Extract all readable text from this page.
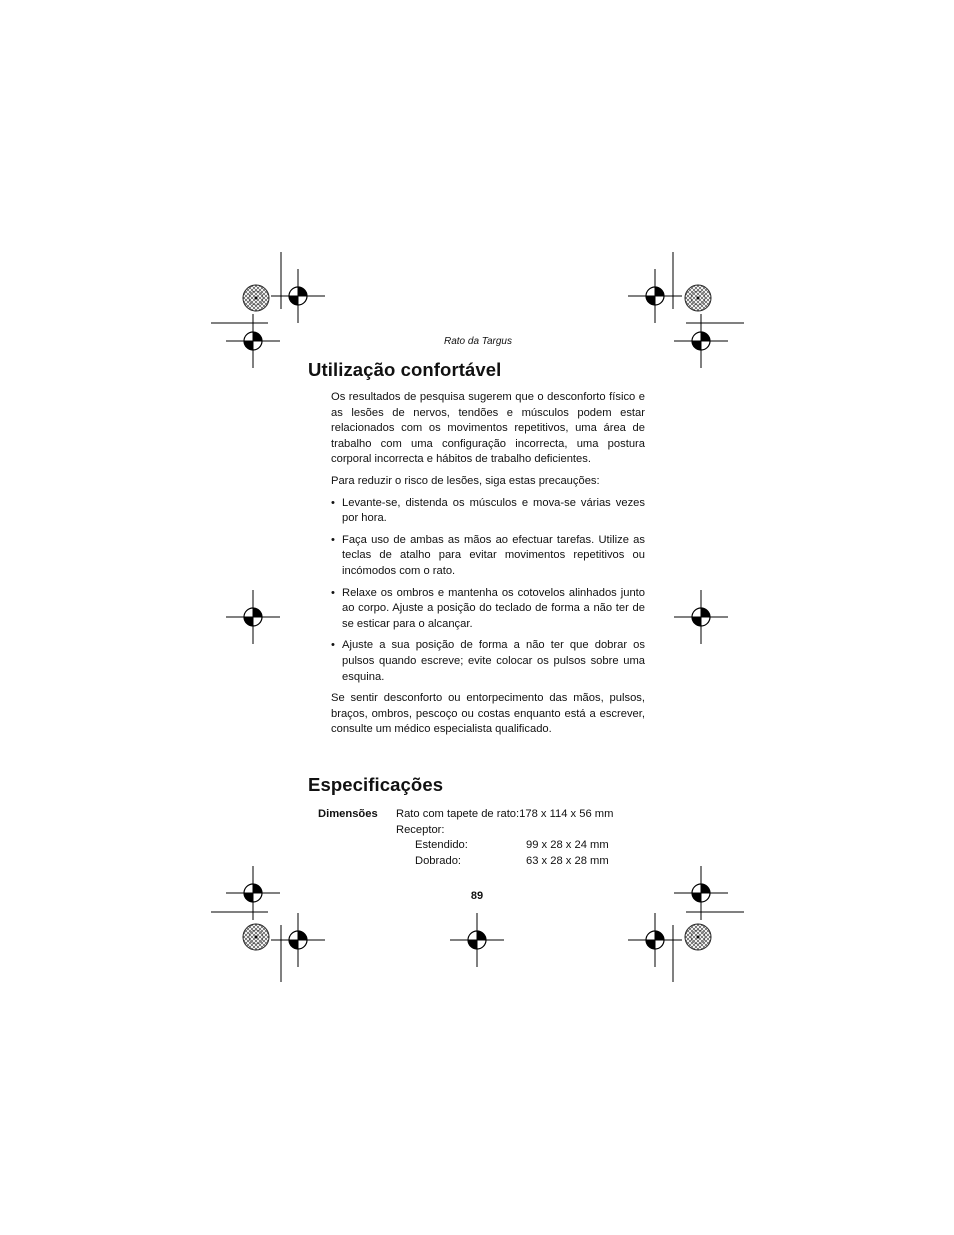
Rato da Targus

Utilização confortável

Os resultados de pesquisa sugerem que o desconforto físico e as lesões de nervos, tendões e músculos podem estar relacionados com os movimentos repetitivos, uma área de trabalho com uma configuração incorrecta, uma postura corporal incorrecta e hábitos de trabalho deficientes.

Para reduzir o risco de lesões, siga estas precauções:

• Levante-se, distenda os músculos e mova-se várias vezes por hora.
• Faça uso de ambas as mãos ao efectuar tarefas. Utilize as teclas de atalho para evitar movimentos repetitivos ou incómodos com o rato.
• Relaxe os ombros e mantenha os cotovelos alinhados junto ao corpo. Ajuste a posição do teclado de forma a não ter de se esticar para o alcançar.
• Ajuste a sua posição de forma a não ter que dobrar os pulsos quando escreve; evite colocar os pulsos sobre uma esquina.

Se sentir desconforto ou entorpecimento das mãos, pulsos, braços, ombros, pescoço ou costas enquanto está a escrever, consulte um médico especialista qualificado.

Especificações
Dimensões	Rato com tapete de rato:178 x 114 x 56 mm
Receptor:
Estendido:	99 x 28 x 24 mm
Dobrado:	63 x 28 x 28 mm

89
